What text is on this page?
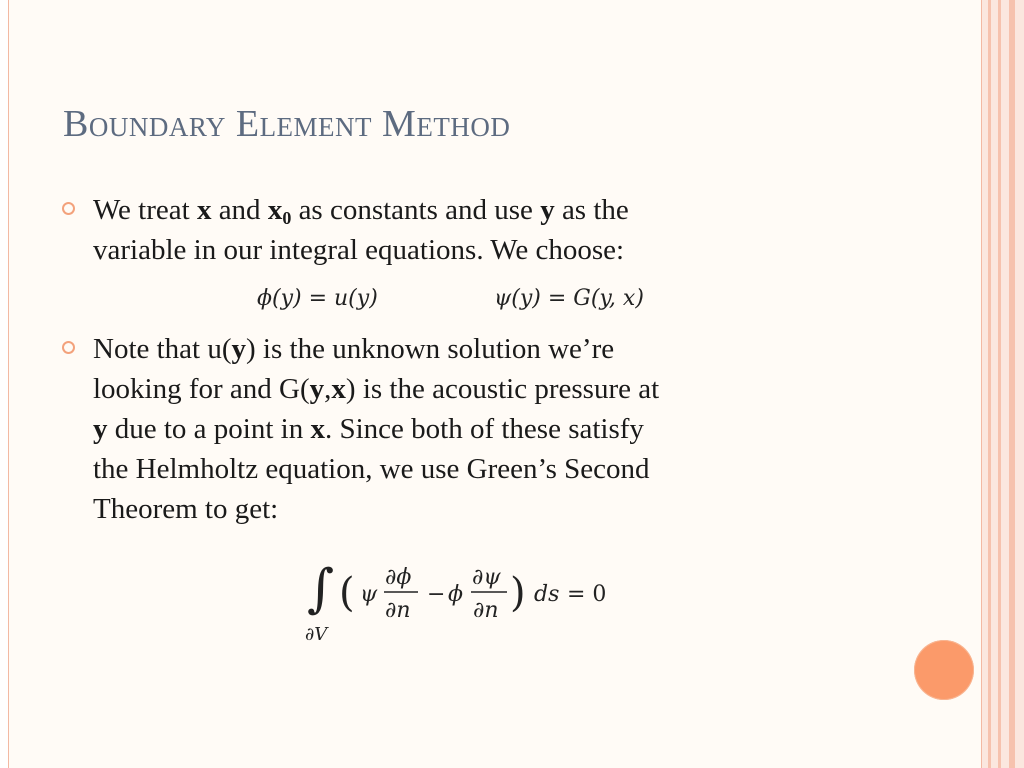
Boundary Element Method
We treat x and $x_0$ as constants and use y as the
variable in our integral equations. We choose:
ϕ(y) = u(y)	ψ(y) = G(y, x)
Note that u(y) is the unknown solution we’re
looking for and G(y,x) is the acoustic pressure at
y due to a point in x. Since both of these satisfy
the Helmholtz equation, we use Green’s Second
Theorem to get:
∫
∂V
( ψ
∂ϕ
∂n
− ϕ
∂ψ
∂n ) ds = 0
